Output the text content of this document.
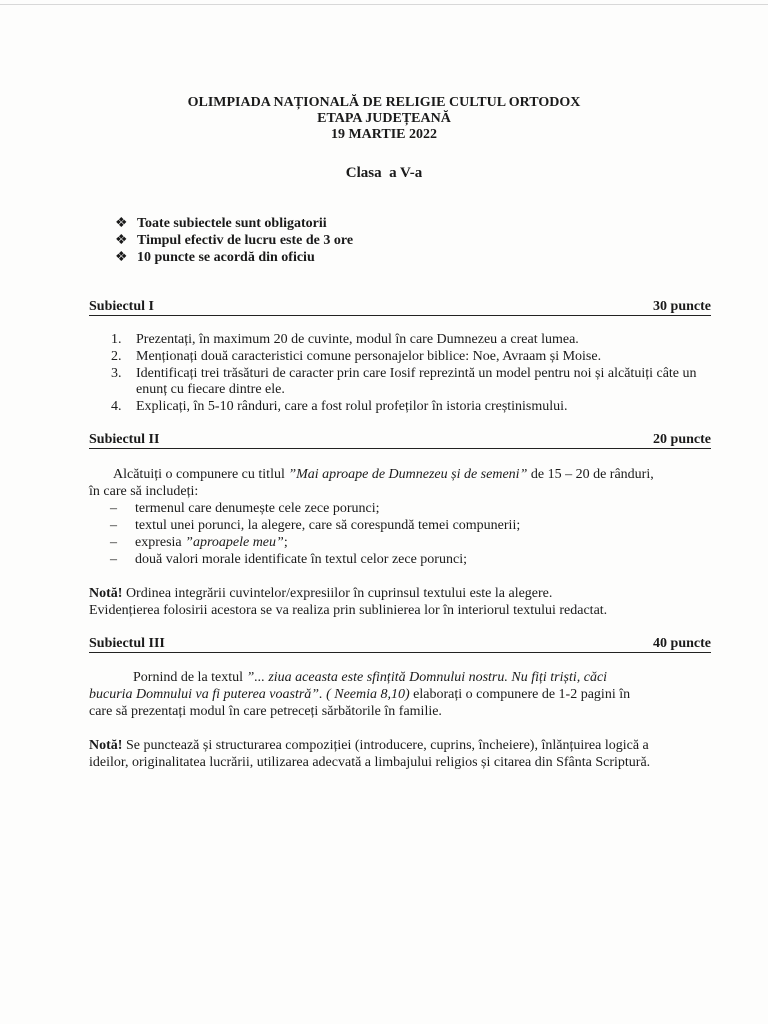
OLIMPIADA NAȚIONALĂ DE RELIGIE CULTUL ORTODOX
ETAPA JUDEȚEANĂ
19 MARTIE 2022
Clasa  a V-a
❖ Toate subiectele sunt obligatorii
❖ Timpul efectiv de lucru este de 3 ore
❖ 10 puncte se acordă din oficiu
Subiectul I	30 puncte
1. Prezentați, în maximum 20 de cuvinte, modul în care Dumnezeu a creat lumea.
2. Menționați două caracteristici comune personajelor biblice: Noe, Avraam și Moise.
3. Identificați trei trăsături de caracter prin care Iosif reprezintă un model pentru noi și alcătuiți câte un enunț cu fiecare dintre ele.
4. Explicați, în 5-10 rânduri, care a fost rolul profeților în istoria creștinismului.
Subiectul II	20 puncte
Alcătuiți o compunere cu titlul ”Mai aproape de Dumnezeu și de semeni” de 15 – 20 de rânduri,
în care să includeți:
– termenul care denumește cele zece porunci;
– textul unei porunci, la alegere, care să corespundă temei compunerii;
– expresia ”aproapele meu”;
– două valori morale identificate în textul celor zece porunci;
Notă! Ordinea integrării cuvintelor/expresiilor în cuprinsul textului este la alegere.
Evidențierea folosirii acestora se va realiza prin sublinierea lor în interiorul textului redactat.
Subiectul III	40 puncte
Pornind de la textul ”... ziua aceasta este sfințită Domnului nostru. Nu fiți triști, căci
bucuria Domnului va fi puterea voastră”. ( Neemia 8,10) elaborați o compunere de 1-2 pagini în
care să prezentați modul în care petreceți sărbătorile în familie.
Notă! Se punctează și structurarea compoziției (introducere, cuprins, încheiere), înlănțuirea logică a
ideilor, originalitatea lucrării, utilizarea adecvată a limbajului religios și citarea din Sfânta Scriptură.
